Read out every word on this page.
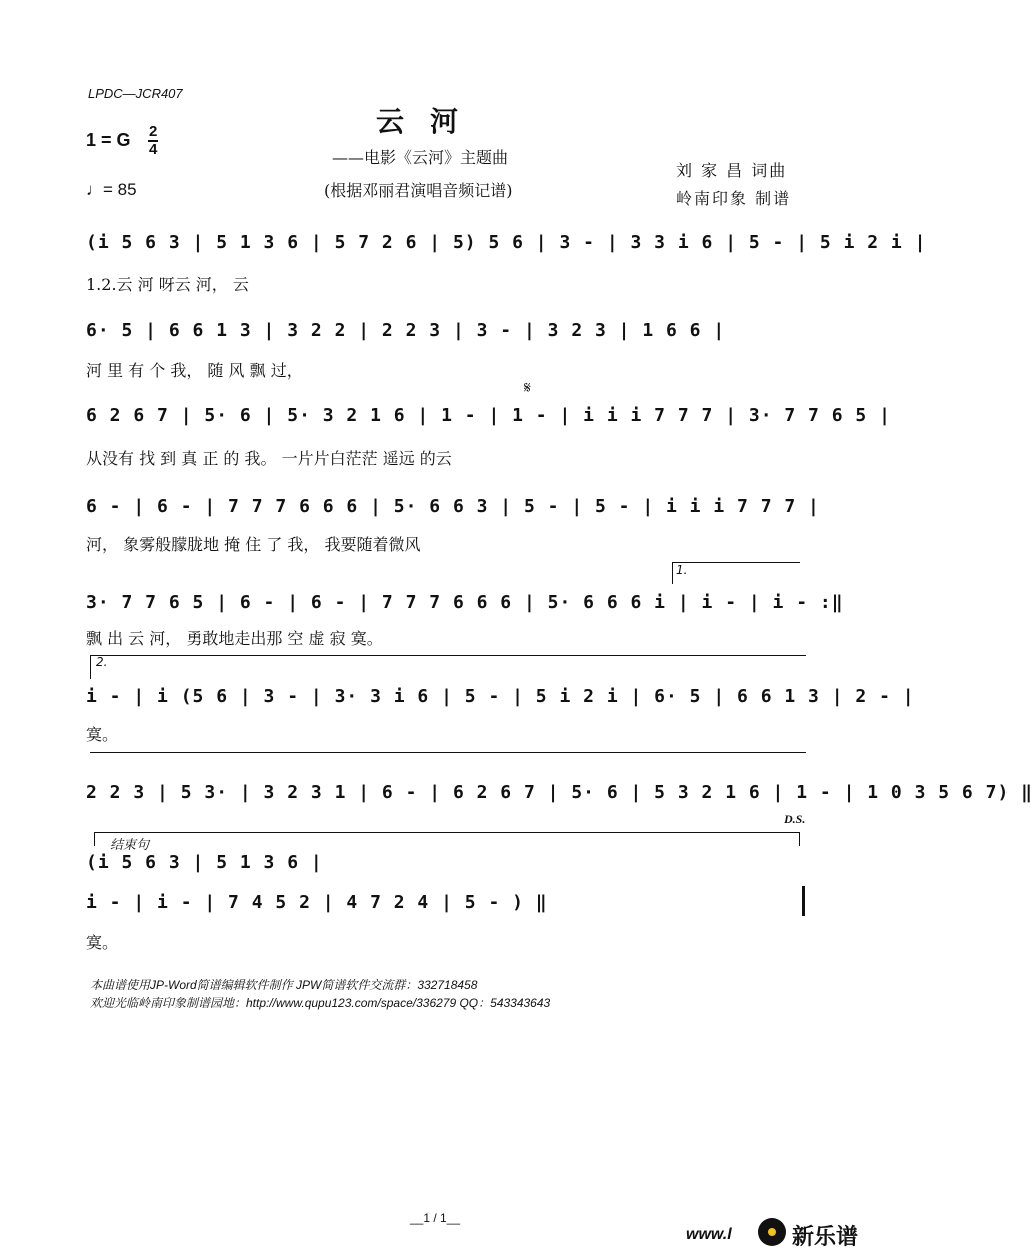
LPDC—JCR407
云河
——电影《云河》主题曲
(根据邓丽君演唱音频记谱)
刘 家 昌 词曲
岭南印象 制谱
1 = G $\frac{2}{4}$
♩= 85
(i 5 6 3 | 5 1 3 6 | 5 7 2 6 | 5) 5 6 | 3 - | 3 3 i 6 | 5 - | 5 i 2 i |
1.2.云 河 呀云 河， 云
6· 5 | 6 6 1 3 | 3 2 2 | 2 2 3 | 3 - | 3 2 3 | 1 6 6 |
河 里 有 个 我， 随 风 飘 过，
𝄋
6 2 6 7 | 5· 6 | 5· 3 2 1 6 | 1 - | 1 - | i i i 7 7 7 | 3· 7 7 6 5 |
从没有 找 到 真 正 的 我。 一片片白茫茫 遥远 的云
6 - | 6 - | 7 7 7 6 6 6 | 5· 6 6 3 | 5 - | 5 - | i i i 7 7 7 |
河， 象雾般朦胧地 掩 住 了 我， 我要随着微风
1.
3· 7 7 6 5 | 6 - | 6 - | 7 7 7 6 6 6 | 5· 6 6 6 i | i - | i - :‖
飘 出 云 河， 勇敢地走出那 空 虚 寂 寞。
2.
i - | i (5 6 | 3 - | 3· 3 i 6 | 5 - | 5 i 2 i | 6· 5 | 6 6 1 3 | 2 - |
寞。
2 2 3 | 5 3· | 3 2 3 1 | 6 - | 6 2 6 7 | 5· 6 | 5 3 2 1 6 | 1 - | 1 0 3 5 6 7) ‖
D.S.
结束句
(i 5 6 3 | 5 1 3 6 |
i - | i - | 7 4 5 2 | 4 7 2 4 | 5 - ) ‖
寞。
本曲谱使用JP-Word简谱编辑软件制作 JPW简谱软件交流群：332718458
欢迎光临岭南印象制谱园地：http://www.qupu123.com/space/336279 QQ：543343643
__1 / 1__
www.l	新乐谱
